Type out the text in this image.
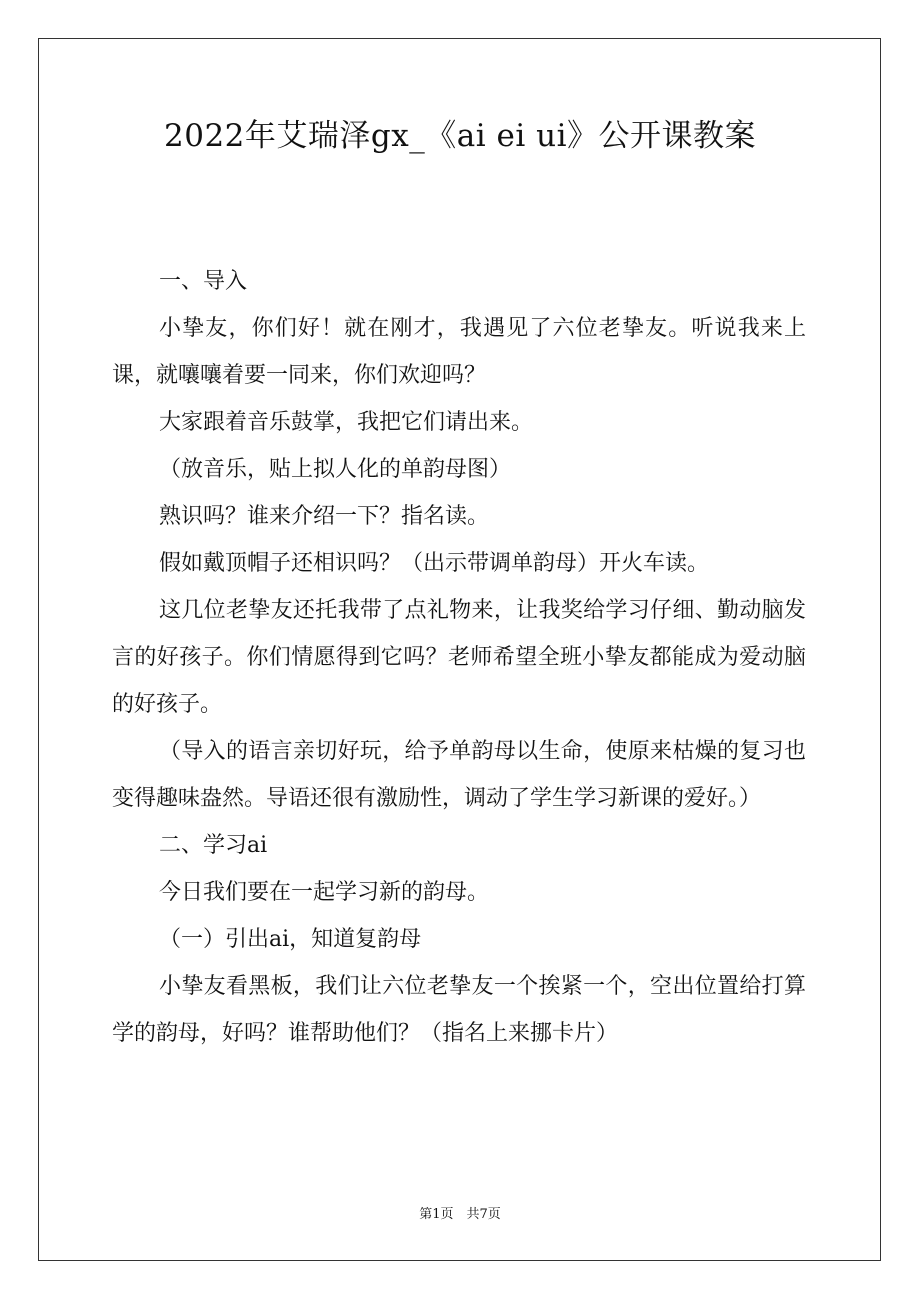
2022年艾瑞泽gx_《ai ei ui》公开课教案

一、导入

小挚友，你们好！就在刚才，我遇见了六位老挚友。听说我来上课，就嚷嚷着要一同来，你们欢迎吗？

大家跟着音乐鼓掌，我把它们请出来。

（放音乐，贴上拟人化的单韵母图）

熟识吗？谁来介绍一下？指名读。

假如戴顶帽子还相识吗？（出示带调单韵母）开火车读。

这几位老挚友还托我带了点礼物来，让我奖给学习仔细、勤动脑发言的好孩子。你们情愿得到它吗？老师希望全班小挚友都能成为爱动脑的好孩子。

（导入的语言亲切好玩，给予单韵母以生命，使原来枯燥的复习也变得趣味盎然。导语还很有激励性，调动了学生学习新课的爱好。）

二、学习ai

今日我们要在一起学习新的韵母。

（一）引出ai，知道复韵母

小挚友看黑板，我们让六位老挚友一个挨紧一个，空出位置给打算学的韵母，好吗？谁帮助他们？（指名上来挪卡片）

第1页　共7页
